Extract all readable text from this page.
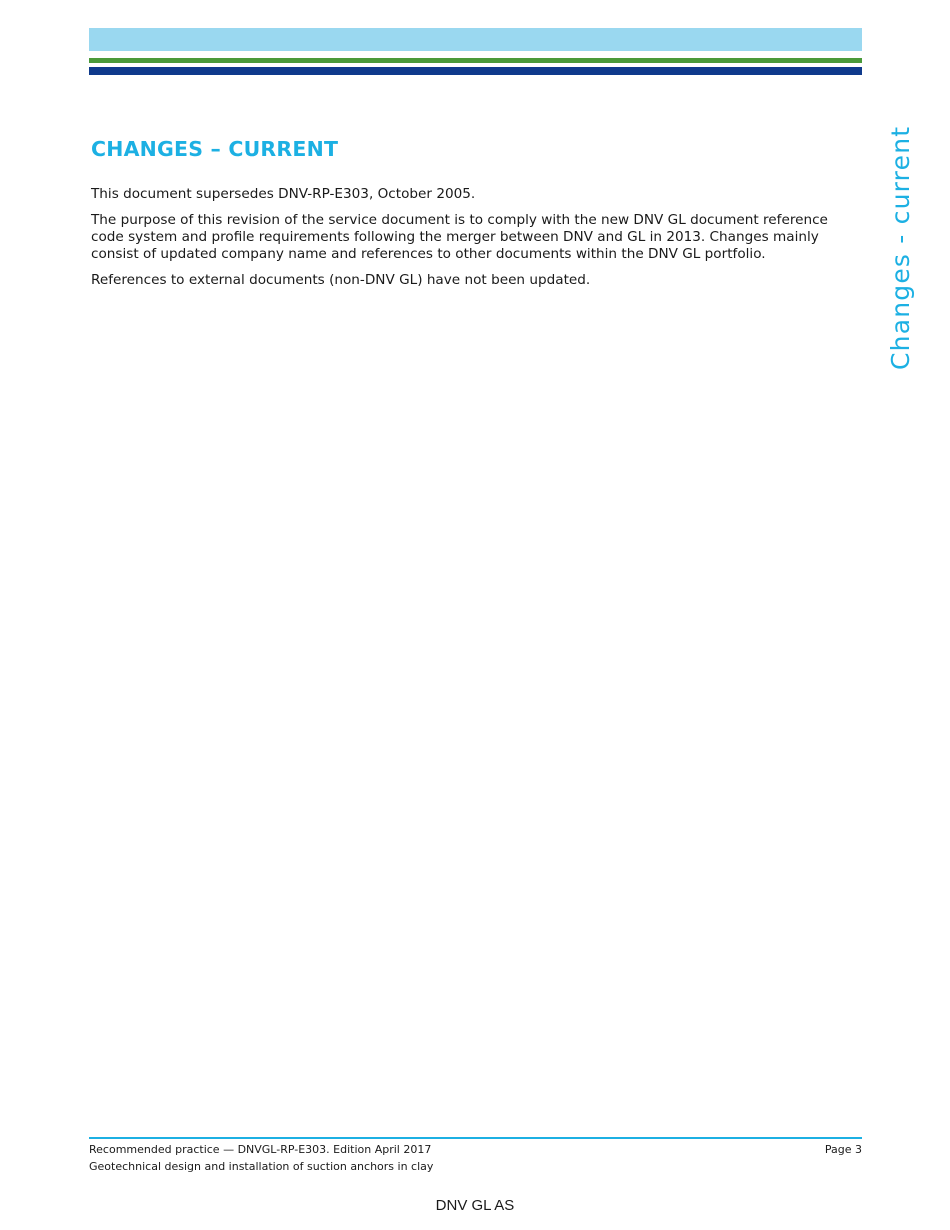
CHANGES – CURRENT

This document supersedes DNV-RP-E303, October 2005.

The purpose of this revision of the service document is to comply with the new DNV GL document reference code system and profile requirements following the merger between DNV and GL in 2013. Changes mainly consist of updated company name and references to other documents within the DNV GL portfolio.

References to external documents (non-DNV GL) have not been updated.	Changes - current
Recommended practice — DNVGL-RP-E303. Edition April 2017
Geotechnical design and installation of suction anchors in clay
Page 3
DNV GL AS
